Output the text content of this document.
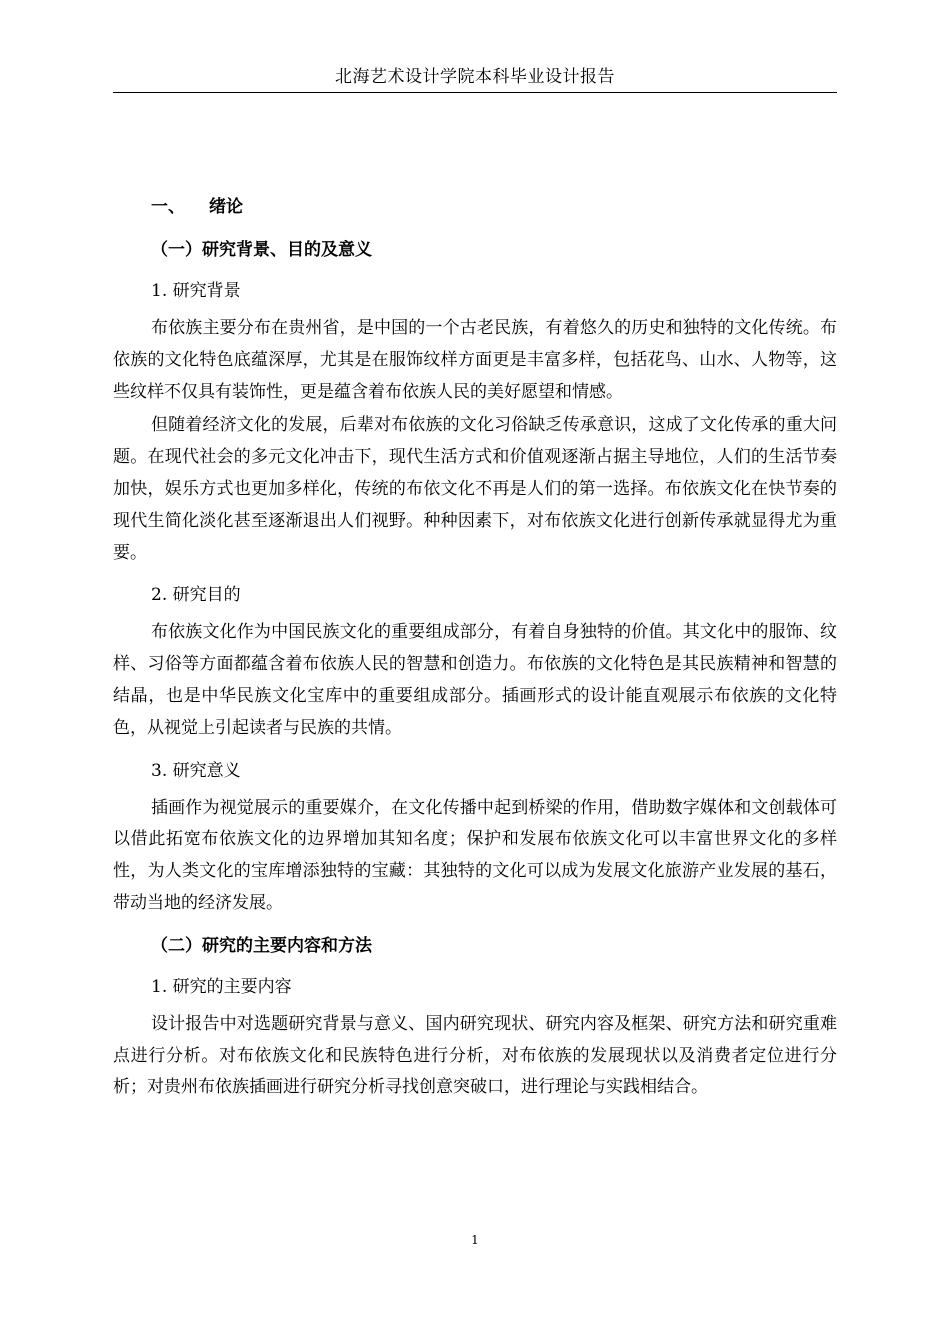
北海艺术设计学院本科毕业设计报告
一、 绪论
（一）研究背景、目的及意义
1. 研究背景

布依族主要分布在贵州省，是中国的一个古老民族，有着悠久的历史和独特的文化传统。布依族的文化特色底蕴深厚，尤其是在服饰纹样方面更是丰富多样，包括花鸟、山水、人物等，这些纹样不仅具有装饰性，更是蕴含着布依族人民的美好愿望和情感。

但随着经济文化的发展，后辈对布依族的文化习俗缺乏传承意识，这成了文化传承的重大问题。在现代社会的多元文化冲击下，现代生活方式和价值观逐渐占据主导地位，人们的生活节奏加快，娱乐方式也更加多样化，传统的布依文化不再是人们的第一选择。布依族文化在快节奏的现代生简化淡化甚至逐渐退出人们视野。种种因素下，对布依族文化进行创新传承就显得尤为重要。

2. 研究目的

布依族文化作为中国民族文化的重要组成部分，有着自身独特的价值。其文化中的服饰、纹样、习俗等方面都蕴含着布依族人民的智慧和创造力。布依族的文化特色是其民族精神和智慧的结晶，也是中华民族文化宝库中的重要组成部分。插画形式的设计能直观展示布依族的文化特色，从视觉上引起读者与民族的共情。

3. 研究意义

插画作为视觉展示的重要媒介，在文化传播中起到桥梁的作用，借助数字媒体和文创载体可以借此拓宽布依族文化的边界增加其知名度；保护和发展布依族文化可以丰富世界文化的多样性，为人类文化的宝库增添独特的宝藏：其独特的文化可以成为发展文化旅游产业发展的基石，带动当地的经济发展。

（二）研究的主要内容和方法
1. 研究的主要内容

设计报告中对选题研究背景与意义、国内研究现状、研究内容及框架、研究方法和研究重难点进行分析。对布依族文化和民族特色进行分析，对布依族的发展现状以及消费者定位进行分析；对贵州布依族插画进行研究分析寻找创意突破口，进行理论与实践相结合。

1
